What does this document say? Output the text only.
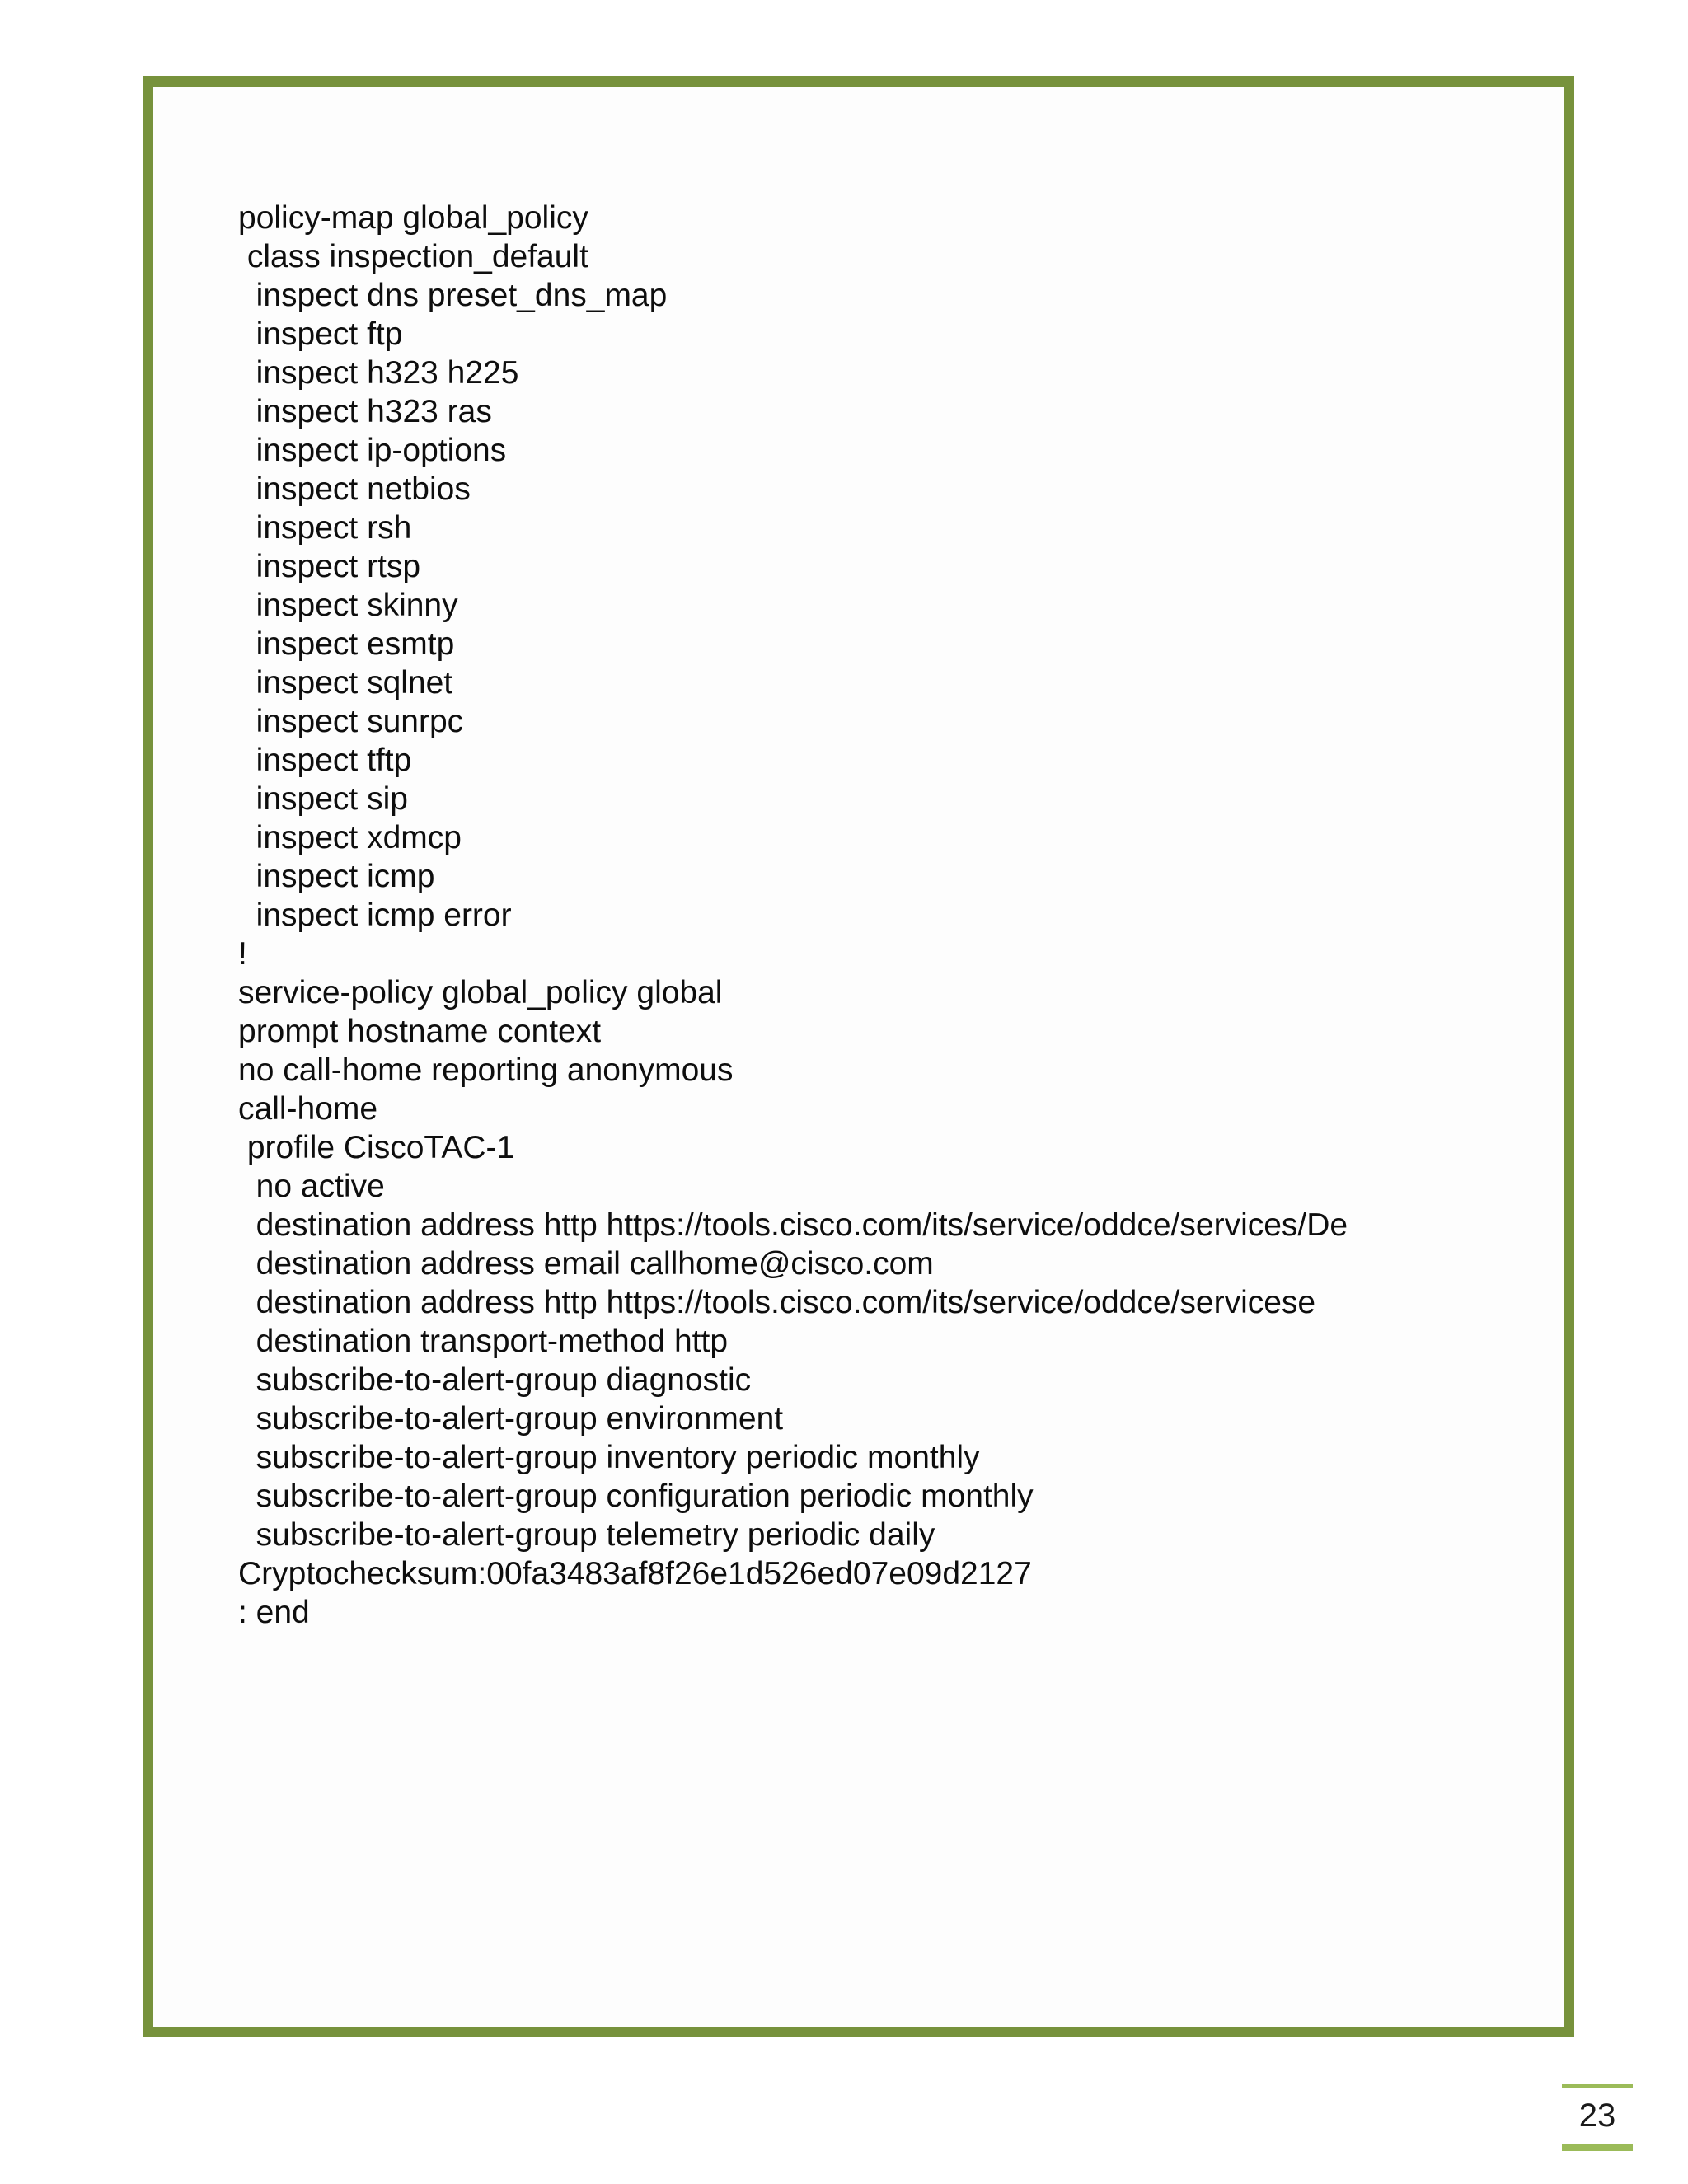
policy-map global_policy
class inspection_default
inspect dns preset_dns_map
inspect ftp
inspect h323 h225
inspect h323 ras
inspect ip-options
inspect netbios
inspect rsh
inspect rtsp
inspect skinny
inspect esmtp
inspect sqlnet
inspect sunrpc
inspect tftp
inspect sip
inspect xdmcp
inspect icmp
inspect icmp error
!
service-policy global_policy global
prompt hostname context
no call-home reporting anonymous
call-home
profile CiscoTAC-1
no active
destination address http https://tools.cisco.com/its/service/oddce/services/De
destination address email callhome@cisco.com
destination address http https://tools.cisco.com/its/service/oddce/servicese
destination transport-method http
subscribe-to-alert-group diagnostic
subscribe-to-alert-group environment
subscribe-to-alert-group inventory periodic monthly
subscribe-to-alert-group configuration periodic monthly
subscribe-to-alert-group telemetry periodic daily
Cryptochecksum:00fa3483af8f26e1d526ed07e09d2127
: end
23
